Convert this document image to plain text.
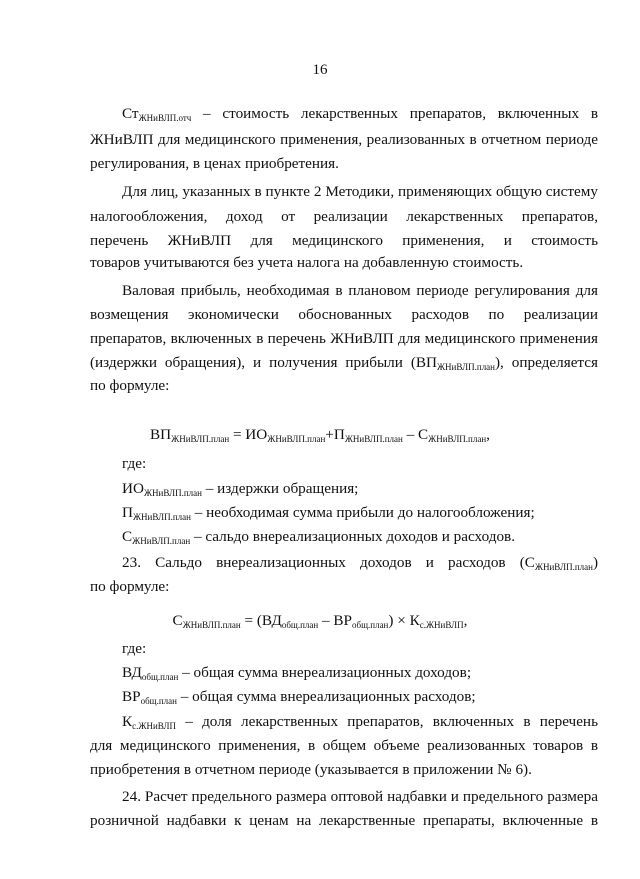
16
$Ст_{ЖНиВЛП.отч}$ – стоимость лекарственных препаратов, включенных в
ЖНиВЛП для медицинского применения, реализованных в отчетном периоде
регулирования, в ценах приобретения.
Для лиц, указанных в пункте 2 Методики, применяющих общую систему
налогообложения, доход от реализации лекарственных препаратов,
перечень ЖНиВЛП для медицинского применения, и стоимость
товаров учитываются без учета налога на добавленную стоимость.
Валовая прибыль, необходимая в плановом периоде регулирования для
возмещения экономически обоснованных расходов по реализации
препаратов, включенных в перечень ЖНиВЛП для медицинского применения
(издержки обращения), и получения прибыли $(ВП_{ЖНиВЛП.план})$, определяется
по формуле:
$ВП_{ЖНиВЛП.план} = ИО_{ЖНиВЛП.план}+П_{ЖНиВЛП.план} - С_{ЖНиВЛП.план}$,
где:
$ИО_{ЖНиВЛП.план}$ – издержки обращения;
$П_{ЖНиВЛП.план}$ – необходимая сумма прибыли до налогообложения;
$С_{ЖНиВЛП.план}$ – сальдо внереализационных доходов и расходов.
23. Сальдо внереализационных доходов и расходов $(С_{ЖНиВЛП.план})$
по формуле:
$С_{ЖНиВЛП.план} = (ВД_{общ.план} - ВР_{общ.план}) \times К_{с.ЖНиВЛП}$,
где:
$ВД_{общ.план}$ – общая сумма внереализационных доходов;
$ВР_{общ.план}$ – общая сумма внереализационных расходов;
$К_{с.ЖНиВЛП}$ – доля лекарственных препаратов, включенных в перечень
для медицинского применения, в общем объеме реализованных товаров в
приобретения в отчетном периоде (указывается в приложении № 6).
24. Расчет предельного размера оптовой надбавки и предельного размера
розничной надбавки к ценам на лекарственные препараты, включенные в
